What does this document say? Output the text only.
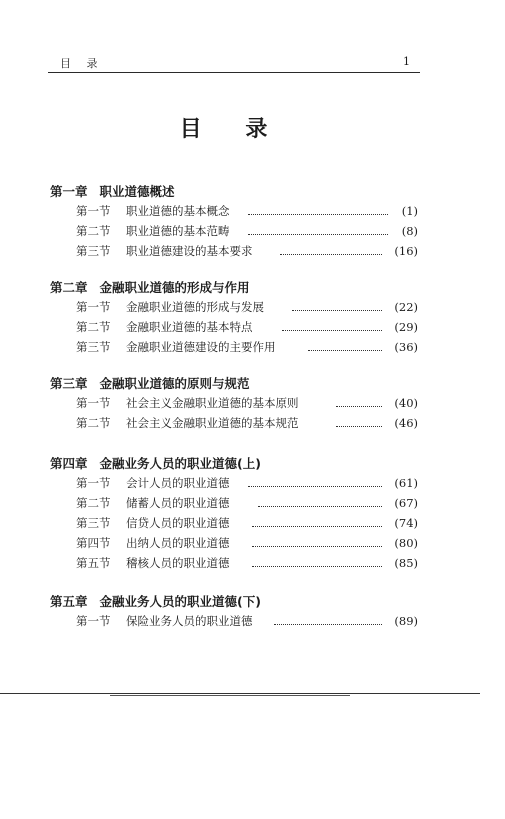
目 录	1
目 录
第一章 职业道德概述
第一节 职业道德的基本概念	(1)
第二节 职业道德的基本范畴	(8)
第三节 职业道德建设的基本要求	(16)
第二章 金融职业道德的形成与作用
第一节 金融职业道德的形成与发展	(22)
第二节 金融职业道德的基本特点	(29)
第三节 金融职业道德建设的主要作用	(36)
第三章 金融职业道德的原则与规范
第一节 社会主义金融职业道德的基本原则	(40)
第二节 社会主义金融职业道德的基本规范	(46)
第四章 金融业务人员的职业道德(上)
第一节 会计人员的职业道德	(61)
第二节 储蓄人员的职业道德	(67)
第三节 信贷人员的职业道德	(74)
第四节 出纳人员的职业道德	(80)
第五节 稽核人员的职业道德	(85)
第五章 金融业务人员的职业道德(下)
第一节 保险业务人员的职业道德	(89)
